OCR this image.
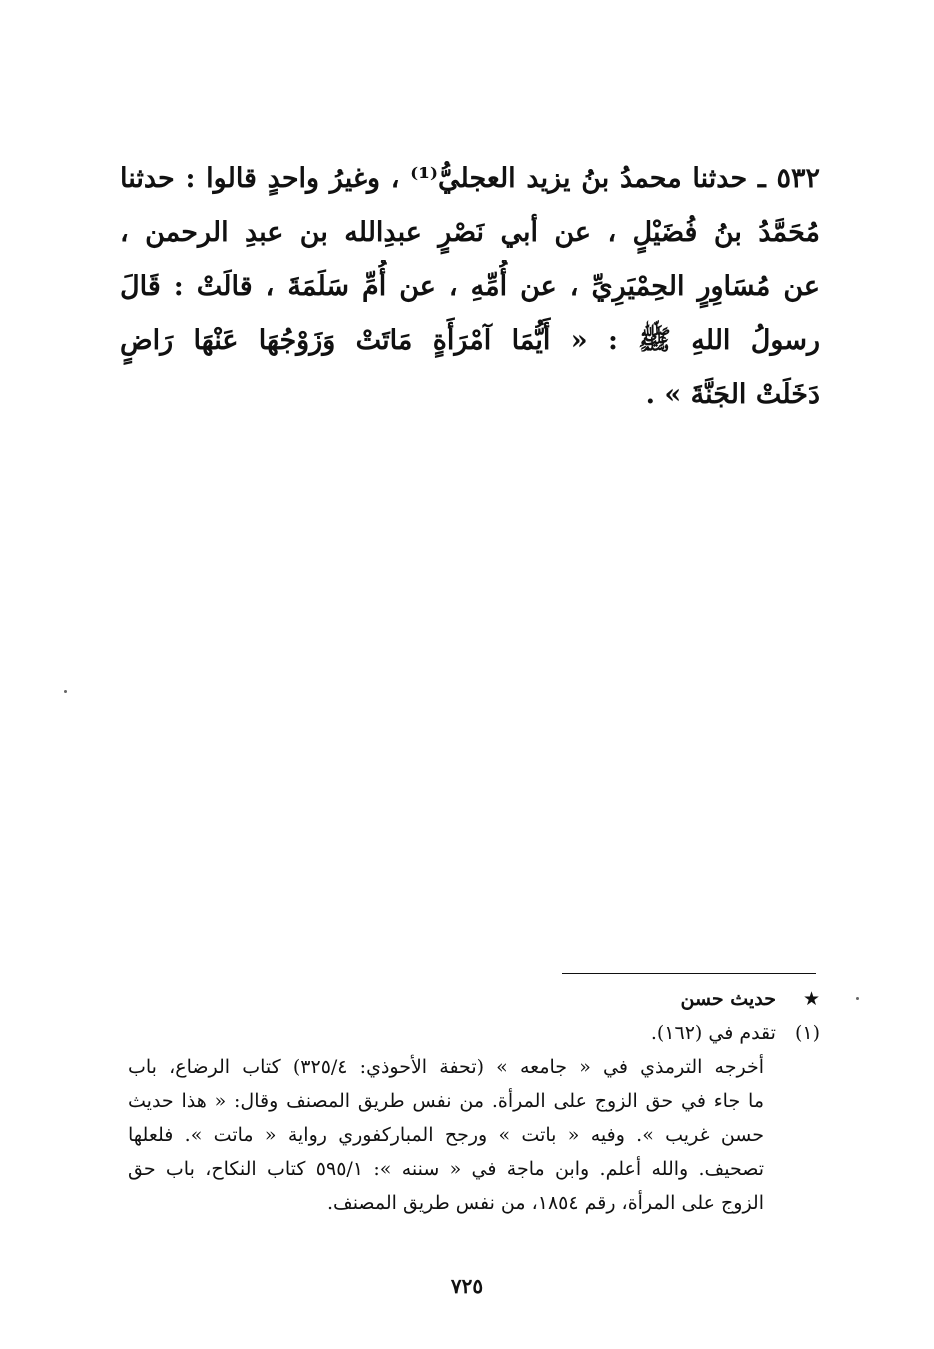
٥٣٢ ـ حدثنا محمدُ بنُ يزيد العجليُّ⁽¹⁾ ، وغيرُ واحدٍ قالوا : حدثنا
مُحَمَّدُ بنُ فُضَيْلٍ ، عن أبي نَصْرٍ عبدِالله بن عبدِ الرحمن ،
عن مُسَاوِرٍ الحِمْيَرِيِّ ، عن أُمِّهِ ، عن أُمِّ سَلَمَةَ ، قالَتْ : قَالَ
رسولُ اللهِ ﷺ : « أَيُّمَا آمْرَأَةٍ مَاتَتْ وَزَوْجُهَا عَنْهَا رَاضٍ
دَخَلَتْ الجَنَّةَ » .
★ حديث حسن
(١) تقدم في (١٦٢).
أخرجه الترمذي في « جامعه » (تحفة الأحوذي: ٣٢٥/٤) كتاب الرضاع، باب
ما جاء في حق الزوج على المرأة. من نفس طريق المصنف وقال: « هذا حديث
حسن غريب ». وفيه « باتت » ورجح المباركفوري رواية « ماتت ». فلعلها
تصحيف. والله أعلم. وابن ماجة في « سننه »: ٥٩٥/١ كتاب النكاح، باب حق
الزوج على المرأة، رقم ١٨٥٤، من نفس طريق المصنف.
٧٢٥
